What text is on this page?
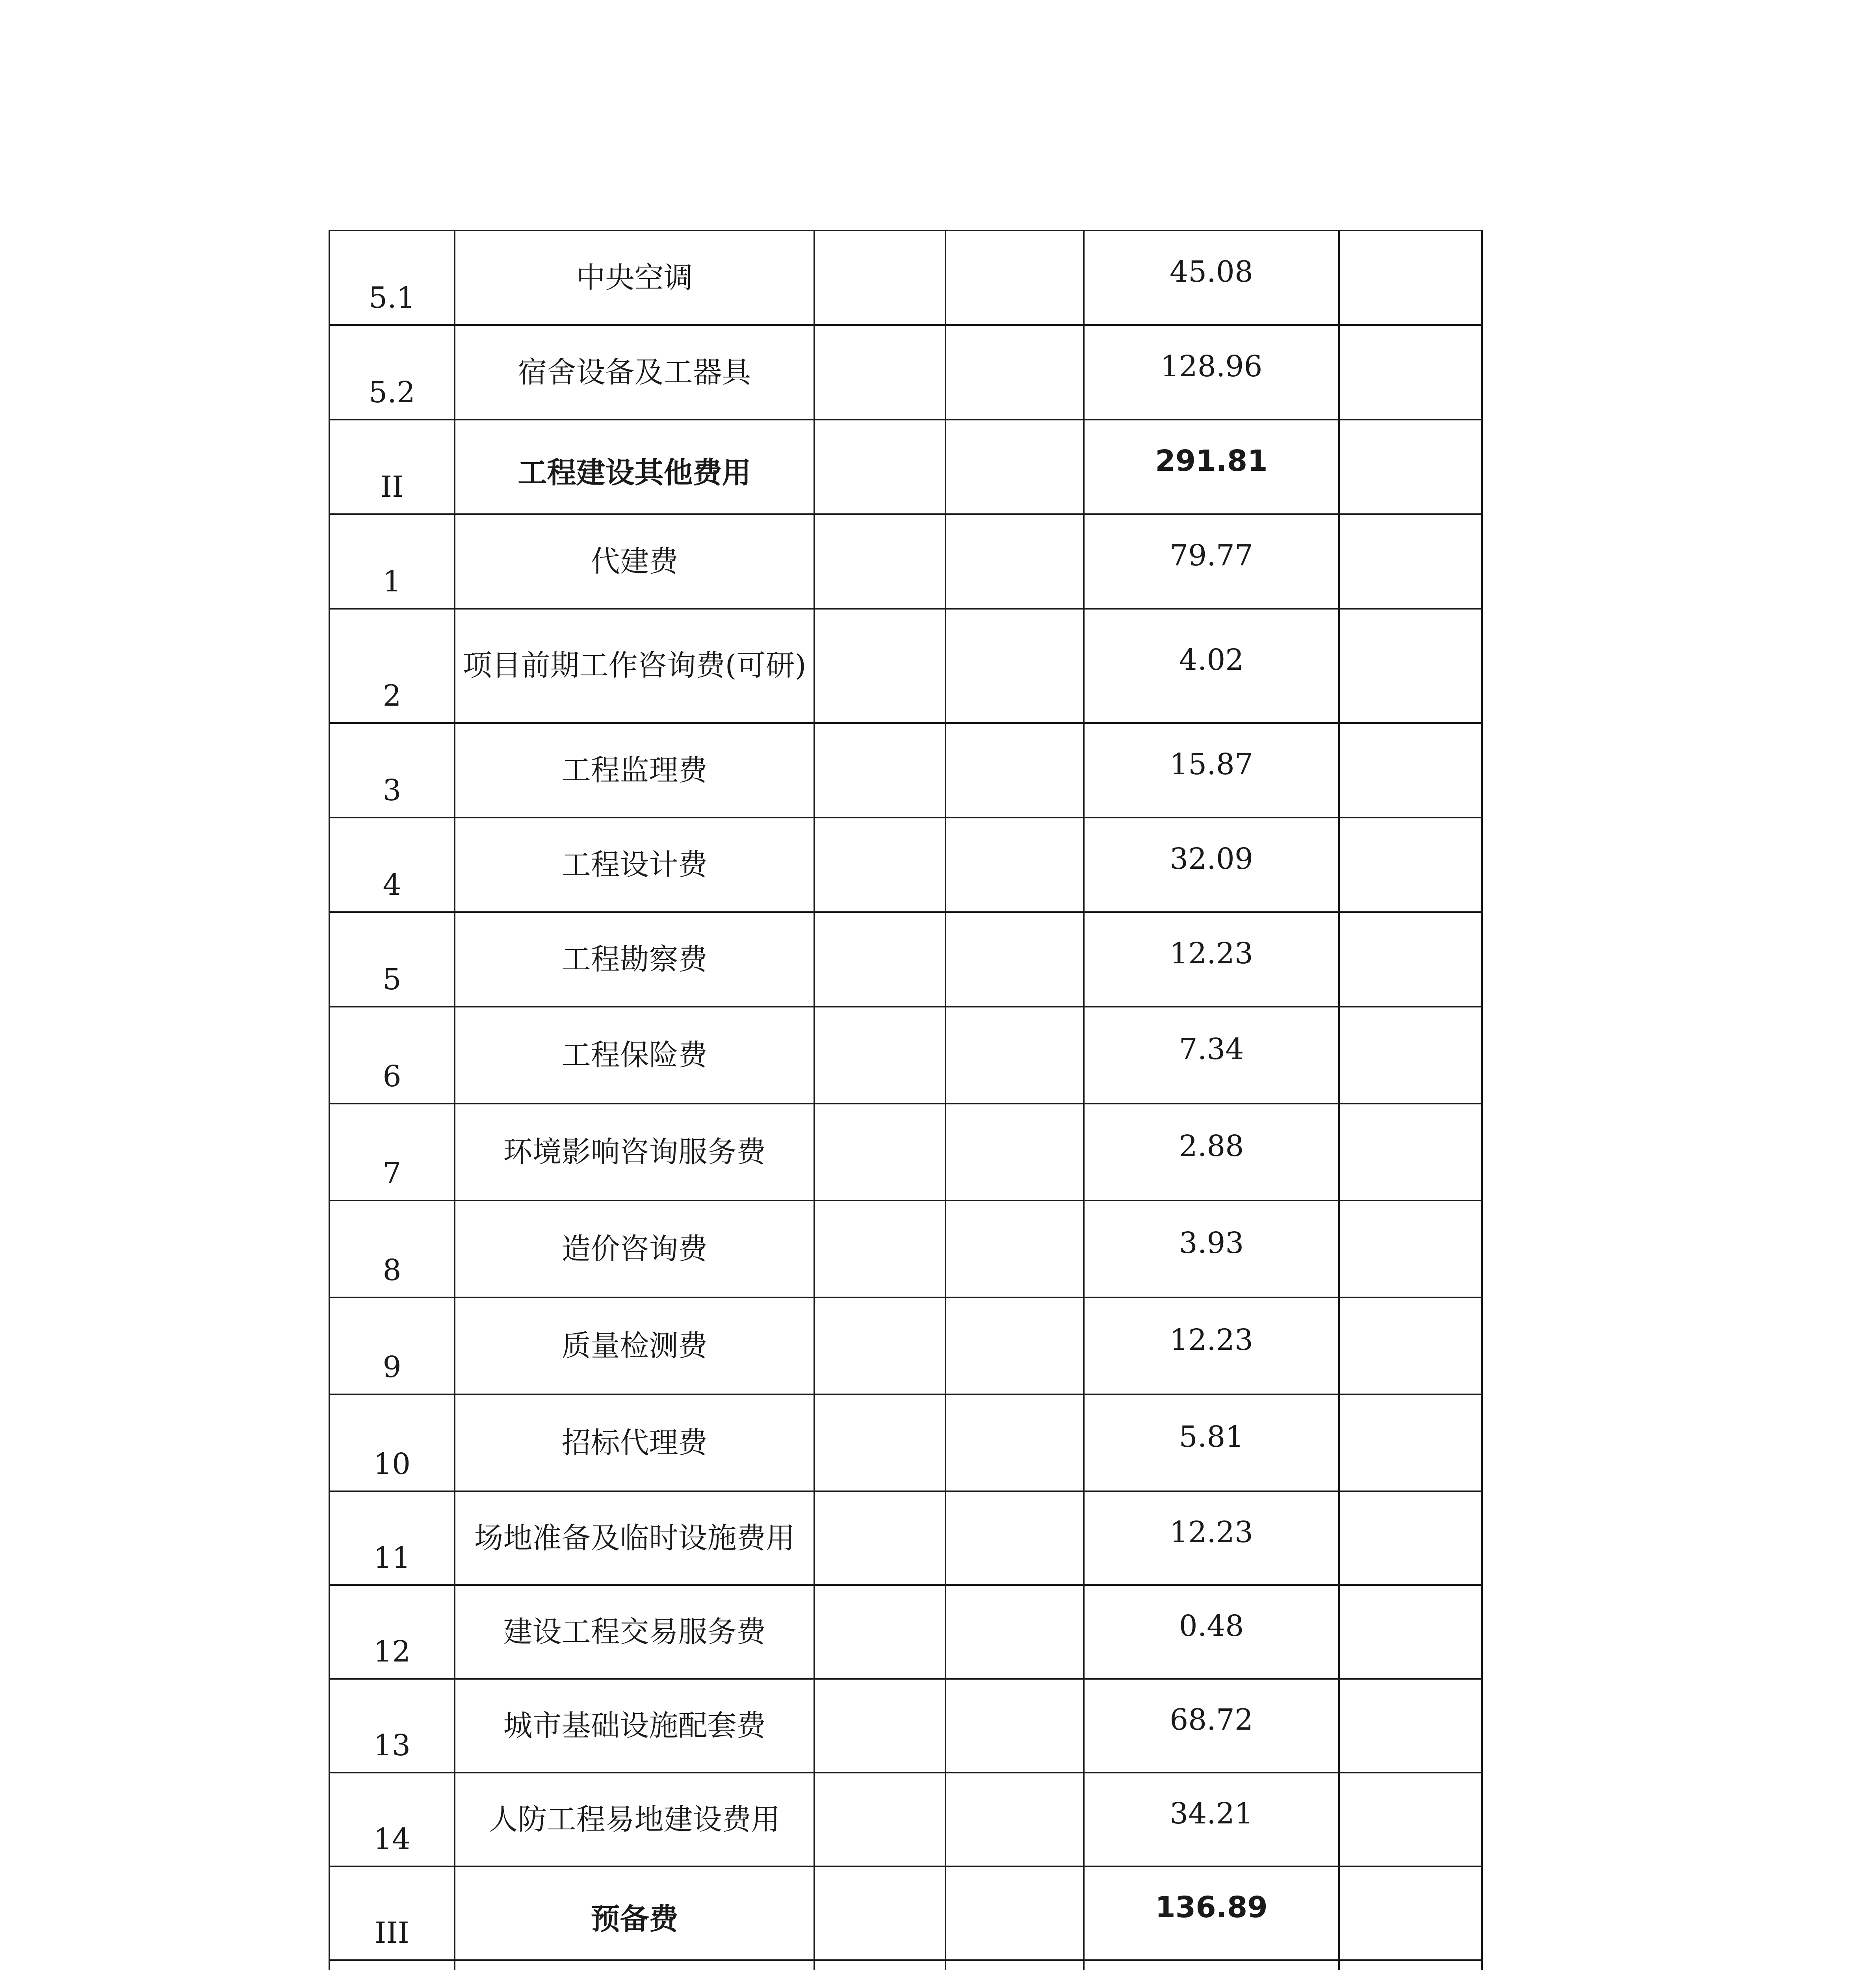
5.1	中央空调			45.08	
5.2	宿舍设备及工器具			128.96	
II	工程建设其他费用			291.81	
1	代建费			79.77	
2	项目前期工作咨询费(可研)			4.02	
3	工程监理费			15.87	
4	工程设计费			32.09	
5	工程勘察费			12.23	
6	工程保险费			7.34	
7	环境影响咨询服务费			2.88	
8	造价咨询费			3.93	
9	质量检测费			12.23	
10	招标代理费			5.81	
11	场地准备及临时设施费用			12.23	
12	建设工程交易服务费			0.48	
13	城市基础设施配套费			68.72	
14	人防工程易地建设费用			34.21	
III	预备费			136.89	
